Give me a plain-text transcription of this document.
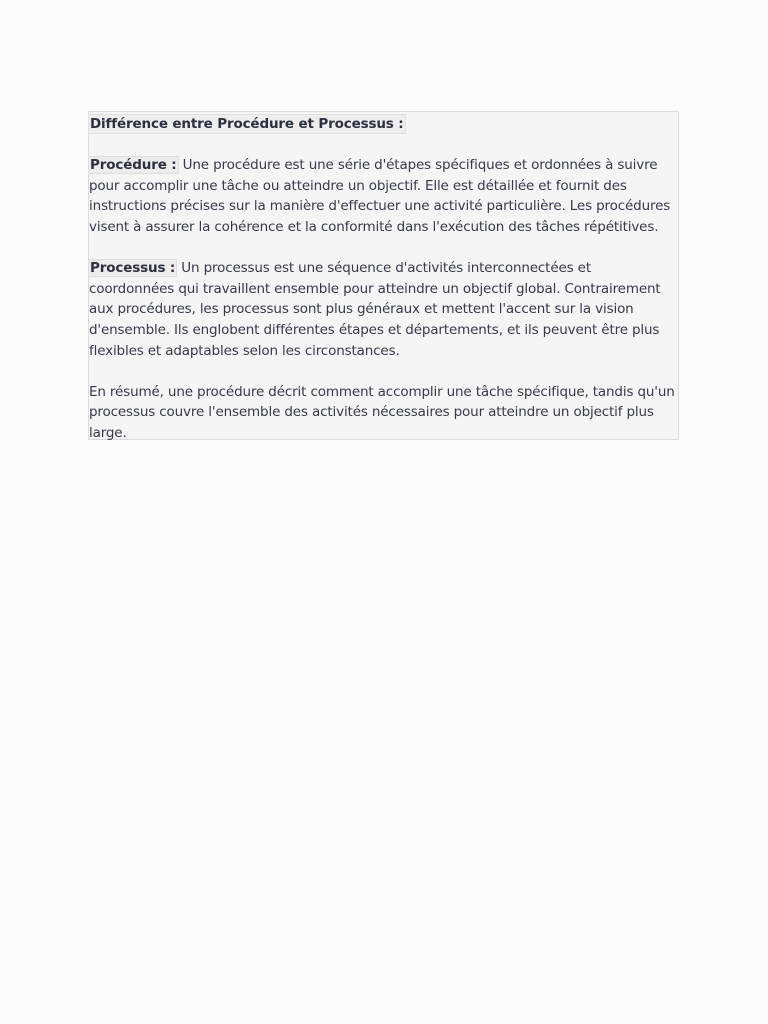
Différence entre Procédure et Processus :

Procédure : Une procédure est une série d'étapes spécifiques et ordonnées à suivre pour accomplir une tâche ou atteindre un objectif. Elle est détaillée et fournit des instructions précises sur la manière d'effectuer une activité particulière. Les procédures visent à assurer la cohérence et la conformité dans l'exécution des tâches répétitives.

Processus : Un processus est une séquence d'activités interconnectées et coordonnées qui travaillent ensemble pour atteindre un objectif global. Contrairement aux procédures, les processus sont plus généraux et mettent l'accent sur la vision d'ensemble. Ils englobent différentes étapes et départements, et ils peuvent être plus flexibles et adaptables selon les circonstances.

En résumé, une procédure décrit comment accomplir une tâche spécifique, tandis qu'un processus couvre l'ensemble des activités nécessaires pour atteindre un objectif plus large.
